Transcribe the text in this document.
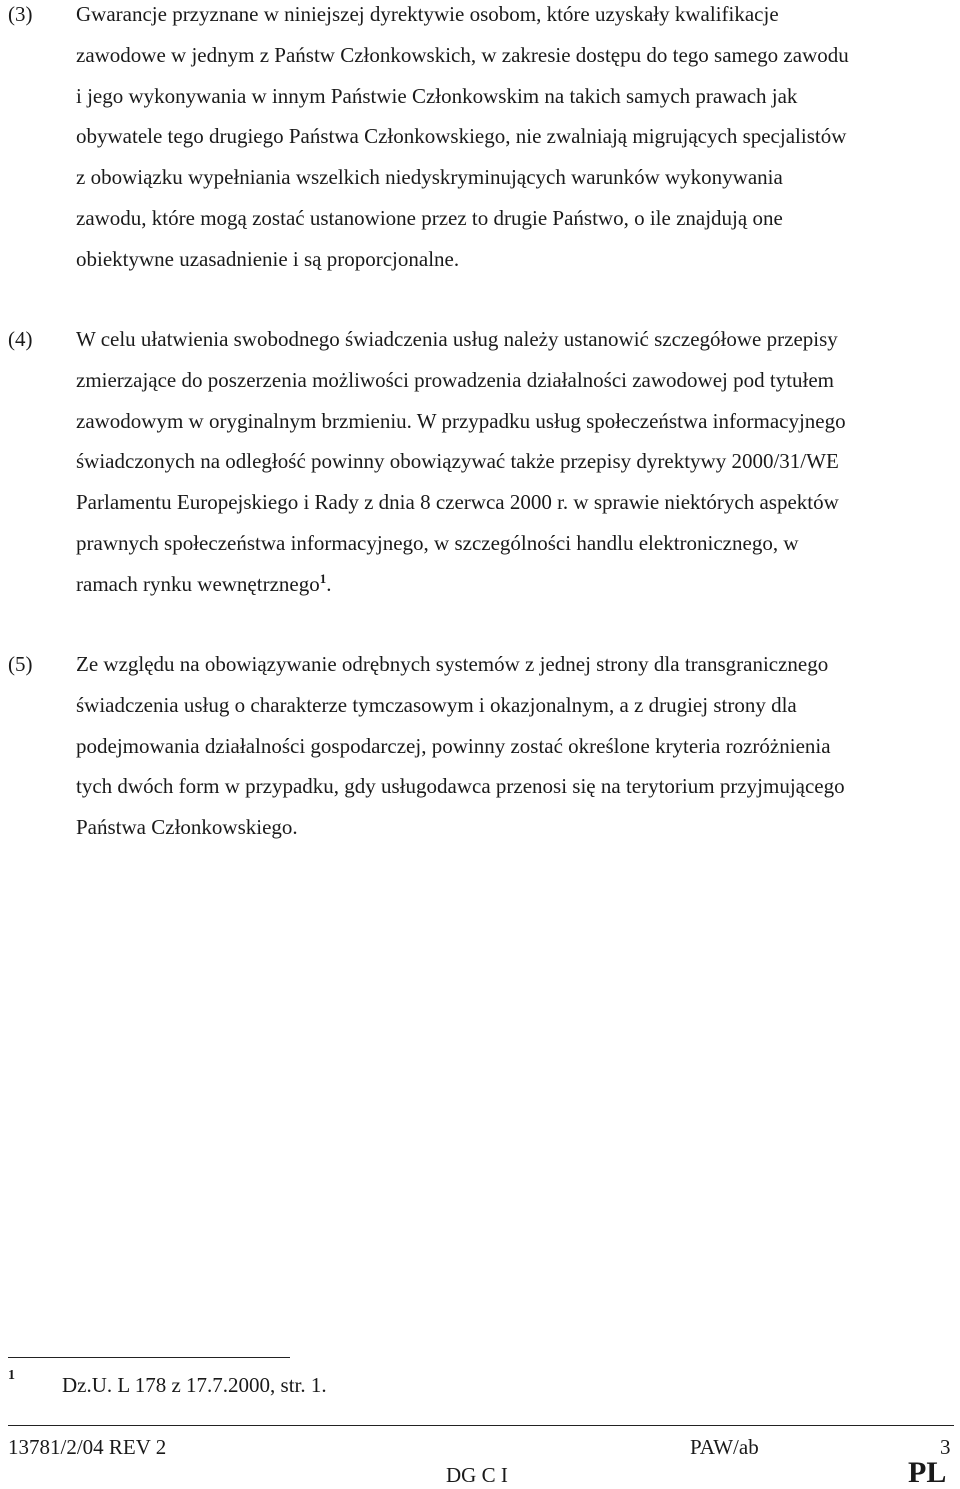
(3) Gwarancje przyznane w niniejszej dyrektywie osobom, które uzyskały kwalifikacje
zawodowe w jednym z Państw Członkowskich, w zakresie dostępu do tego samego zawodu
i jego wykonywania w innym Państwie Członkowskim na takich samych prawach jak
obywatele tego drugiego Państwa Członkowskiego, nie zwalniają migrujących specjalistów
z obowiązku wypełniania wszelkich niedyskryminujących warunków wykonywania
zawodu, które mogą zostać ustanowione przez to drugie Państwo, o ile znajdują one
obiektywne uzasadnienie i są proporcjonalne.
(4) W celu ułatwienia swobodnego świadczenia usług należy ustanowić szczegółowe przepisy
zmierzające do poszerzenia możliwości prowadzenia działalności zawodowej pod tytułem
zawodowym w oryginalnym brzmieniu. W przypadku usług społeczeństwa informacyjnego
świadczonych na odległość powinny obowiązywać także przepisy dyrektywy 2000/31/WE
Parlamentu Europejskiego i Rady z dnia 8 czerwca 2000 r. w sprawie niektórych aspektów
prawnych społeczeństwa informacyjnego, w szczególności handlu elektronicznego, w
ramach rynku wewnętrznego$^1$.
(5) Ze względu na obowiązywanie odrębnych systemów z jednej strony dla transgranicznego
świadczenia usług o charakterze tymczasowym i okazjonalnym, a z drugiej strony dla
podejmowania działalności gospodarczej, powinny zostać określone kryteria rozróżnienia
tych dwóch form w przypadku, gdy usługodawca przenosi się na terytorium przyjmującego
Państwa Członkowskiego.
1 Dz.U. L 178 z 17.7.2000, str. 1.
13781/2/04 REV 2	PAW/ab	3
DG C I	PL
